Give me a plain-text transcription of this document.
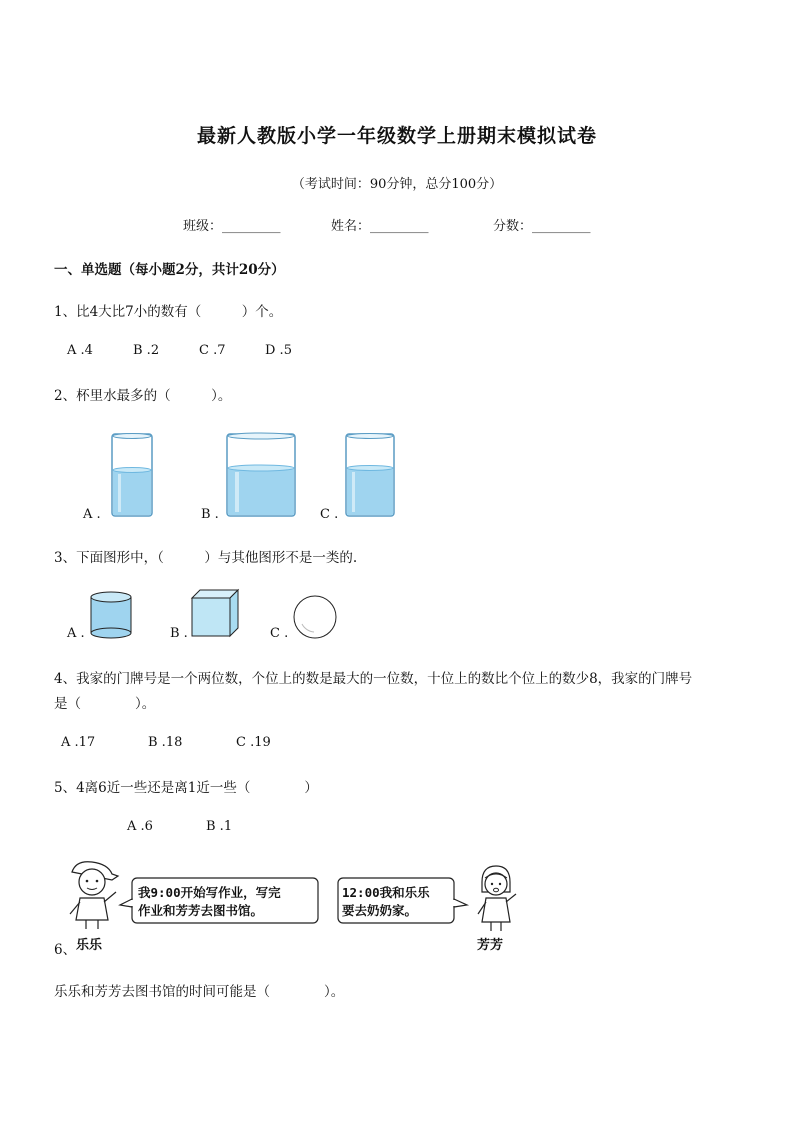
最新人教版小学一年级数学上册期末模拟试卷
（考试时间：90分钟，总分100分）
班级：_________	姓名：_________	分数：_________
一、单选题（每小题2分，共计20分）
1、比4大比7小的数有（　　　）个。
A .4	B .2	C .7	D .5
2、杯里水最多的（　　　）。
A .	B .	C .
3、下面图形中，（　　　）与其他图形不是一类的.
A .	B .	C .
4、我家的门牌号是一个两位数，个位上的数是最大的一位数，十位上的数比个位上的数少8，我家的门牌号
是（　　　　）。
A .17	B .18	C .19
5、4离6近一些还是离1近一些（　　　　）
A .6	B .1
乐乐
6、
我9:00开始写作业，写完
作业和芳芳去图书馆。
12:00我和乐乐
要去奶奶家。
芳芳
乐乐和芳芳去图书馆的时间可能是（　　　　）。
